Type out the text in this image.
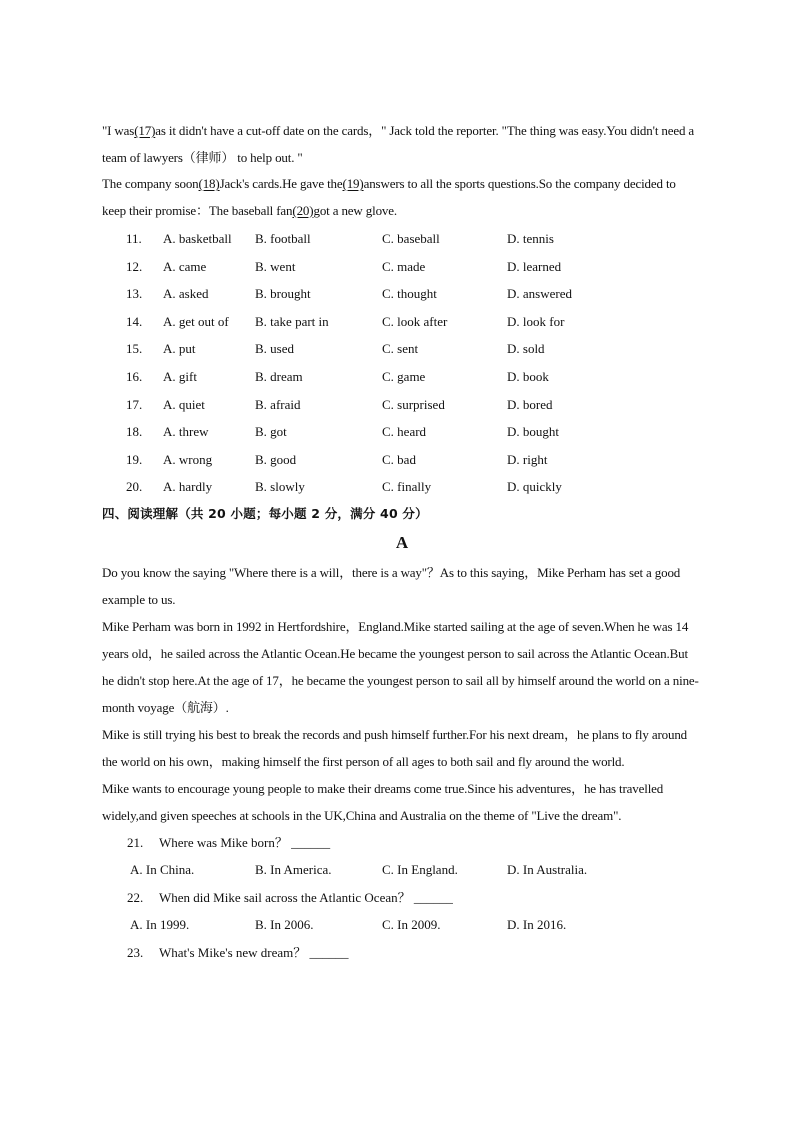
"I was(17)as it didn't have a cut-off date on the cards，" Jack told the reporter. "The thing was easy.You didn't need a team of lawyers（律师） to help out. "

The company soon(18)Jack's cards.He gave the(19)answers to all the sports questions.So the company decided to keep their promise：The baseball fan(20)got a new glove.

11. A. basketball B. football	C. baseball	D. tennis
12. A. came	B. went	C. made	D. learned
13. A. asked	B. brought	C. thought	D. answered
14. A. get out of B. take part in	C. look after	D. look for
15. A. put	B. used	C. sent	D. sold
16. A. gift	B. dream	C. game	D. book
17. A. quiet	B. afraid	C. surprised	D. bored
18. A. threw	B. got	C. heard	D. bought
19. A. wrong	B. good	C. bad	D. right
20. A. hardly	B. slowly	C. finally	D. quickly

四、阅读理解（共 20 小题；每小题 2 分，满分 40 分）

A

Do you know the saying "Where there is a will，there is a way"？As to this saying，Mike Perham has set a good example to us.

Mike Perham was born in 1992 in Hertfordshire，England.Mike started sailing at the age of seven.When he was 14 years old，he sailed across the Atlantic Ocean.He became the youngest person to sail across the Atlantic Ocean.But he didn't stop here.At the age of 17，he became the youngest person to sail all by himself around the world on a nine-month voyage（航海）.

Mike is still trying his best to break the records and push himself further.For his next dream，he plans to fly around the world on his own，making himself the first person of all ages to both sail and fly around the world.

Mike wants to encourage young people to make their dreams come true.Since his adventures，he has travelled widely,and given speeches at schools in the UK,China and Australia on the theme of "Live the dream".

21. Where was Mike born？ ______
A. In China.	B. In America.	C. In England.	D. In Australia.
22. When did Mike sail across the Atlantic Ocean？ ______
A. In 1999.	B. In 2006.	C. In 2009.	D. In 2016.
23. What's Mike's new dream？ ______
